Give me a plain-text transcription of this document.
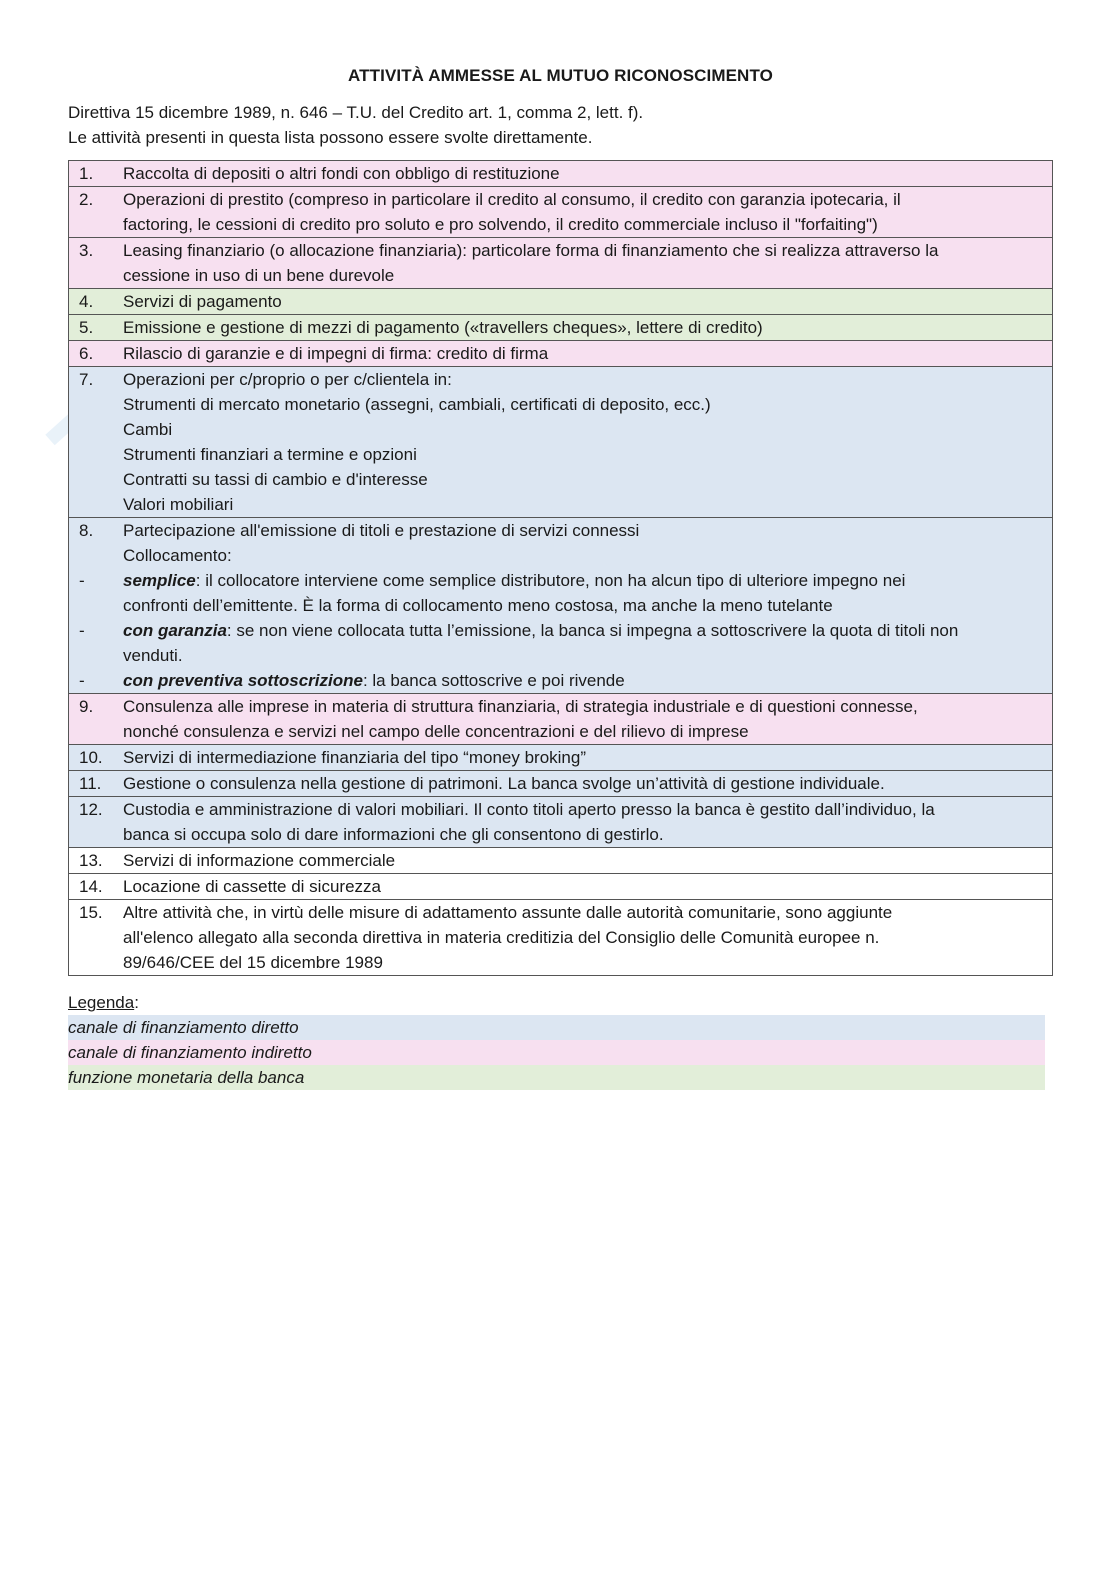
ATTIVITÀ AMMESSE AL MUTUO RICONOSCIMENTO

Direttiva 15 dicembre 1989, n. 646 – T.U. del Credito art. 1, comma 2, lett. f).

Le attività presenti in questa lista possono essere svolte direttamente.

1.	Raccolta di depositi o altri fondi con obbligo di restituzione

2.	Operazioni di prestito (compreso in particolare il credito al consumo, il credito con garanzia ipotecaria, il
factoring, le cessioni di credito pro soluto e pro solvendo, il credito commerciale incluso il "forfaiting")

3.	Leasing finanziario (o allocazione finanziaria): particolare forma di finanziamento che si realizza attraverso la
cessione in uso di un bene durevole

4.	Servizi di pagamento

5.	Emissione e gestione di mezzi di pagamento («travellers cheques», lettere di credito)

6.	Rilascio di garanzie e di impegni di firma: credito di firma

7.	Operazioni per c/proprio o per c/clientela in:
Strumenti di mercato monetario (assegni, cambiali, certificati di deposito, ecc.)
Cambi
Strumenti finanziari a termine e opzioni
Contratti su tassi di cambio e d'interesse
Valori mobiliari

8.	Partecipazione all'emissione di titoli e prestazione di servizi connessi
Collocamento:
-	semplice: il collocatore interviene come semplice distributore, non ha alcun tipo di ulteriore impegno nei
confronti dell’emittente. È la forma di collocamento meno costosa, ma anche la meno tutelante
-	con garanzia: se non viene collocata tutta l’emissione, la banca si impegna a sottoscrivere la quota di titoli non
venduti.
-	con preventiva sottoscrizione: la banca sottoscrive e poi rivende

9.	Consulenza alle imprese in materia di struttura finanziaria, di strategia industriale e di questioni connesse,
nonché consulenza e servizi nel campo delle concentrazioni e del rilievo di imprese

10.	Servizi di intermediazione finanziaria del tipo “money broking”

11.	Gestione o consulenza nella gestione di patrimoni. La banca svolge un’attività di gestione individuale.

12.	Custodia e amministrazione di valori mobiliari. Il conto titoli aperto presso la banca è gestito dall’individuo, la
banca si occupa solo di dare informazioni che gli consentono di gestirlo.

13.	Servizi di informazione commerciale

14.	Locazione di cassette di sicurezza

15.	Altre attività che, in virtù delle misure di adattamento assunte dalle autorità comunitarie, sono aggiunte
all'elenco allegato alla seconda direttiva in materia creditizia del Consiglio delle Comunità europee n.
89/646/CEE del 15 dicembre 1989
Legenda:
canale di finanziamento diretto
canale di finanziamento indiretto
funzione monetaria della banca
